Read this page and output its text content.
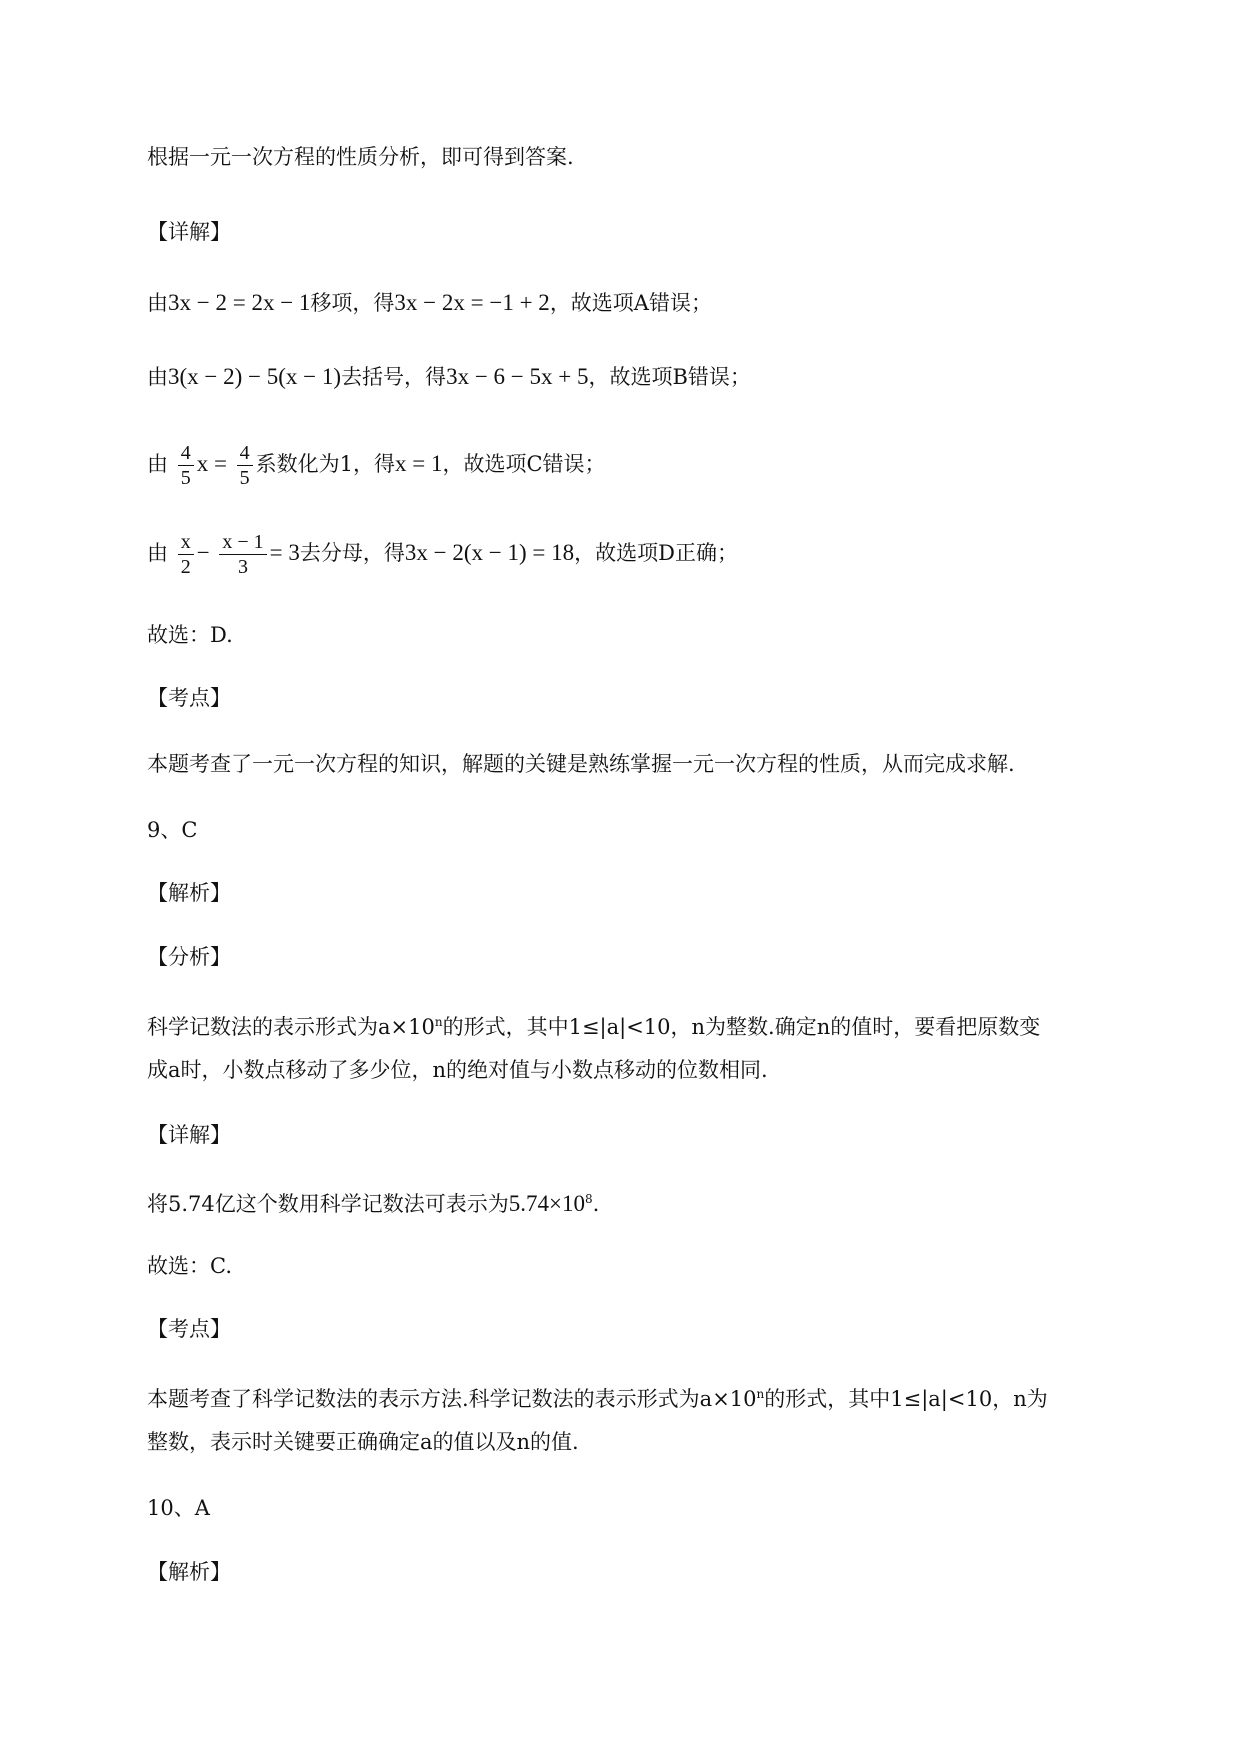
根据一元一次方程的性质分析，即可得到答案.
【详解】
由3x − 2 = 2x − 1移项，得3x − 2x = −1 + 2，故选项A错误；
由3(x − 2) − 5(x − 1)去括号，得3x − 6 − 5x + 5，故选项B错误；
由 $\frac{4}{5}$ $x = \frac{4}{5}$ 系数化为1，得x = 1，故选项C错误；
由 $\frac{x}{2} - \frac{x - 1}{3} = 3$去分母，得3x − 2(x − 1) = 18，故选项D正确；
故选：D.
【考点】
本题考查了一元一次方程的知识，解题的关键是熟练掌握一元一次方程的性质，从而完成求解.
9、C
【解析】
【分析】
科学记数法的表示形式为$a\times 10^n$的形式，其中1≤|a|<10，n为整数.确定n的值时，要看把原数变
成a时，小数点移动了多少位，n的绝对值与小数点移动的位数相同.
【详解】
将5.74亿这个数用科学记数法可表示为$5.74\times 10^8$.
故选：C.
【考点】
本题考查了科学记数法的表示方法.科学记数法的表示形式为$a\times 10^n$的形式，其中1≤|a|<10，n为
整数，表示时关键要正确确定a的值以及n的值.
10、A
【解析】
